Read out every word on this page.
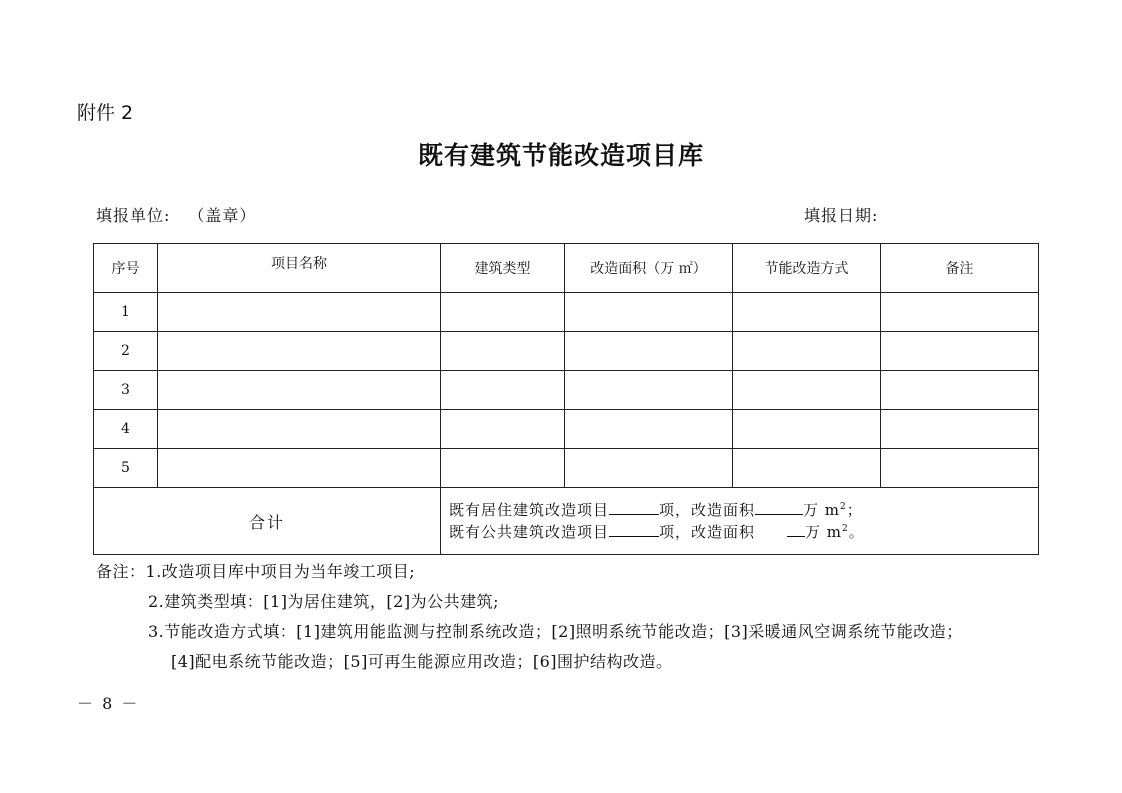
附件 2
既有建筑节能改造项目库
填报单位: （盖章）	填报日期:
序号	项目名称	建筑类型	改造面积（万 ㎡）	节能改造方式	备注
1					
2					
3					
4					
5					
合计		既有居住建筑改造项目 项，改造面积 万 $m^2$；
既有公共建筑改造项目 项，改造面积 万 $m^2$。			
备注：1.改造项目库中项目为当年竣工项目;
2.建筑类型填：[1]为居住建筑，[2]为公共建筑;
3.节能改造方式填：[1]建筑用能监测与控制系统改造；[2]照明系统节能改造；[3]采暖通风空调系统节能改造；
[4]配电系统节能改造；[5]可再生能源应用改造；[6]围护结构改造。
－ 8 －
